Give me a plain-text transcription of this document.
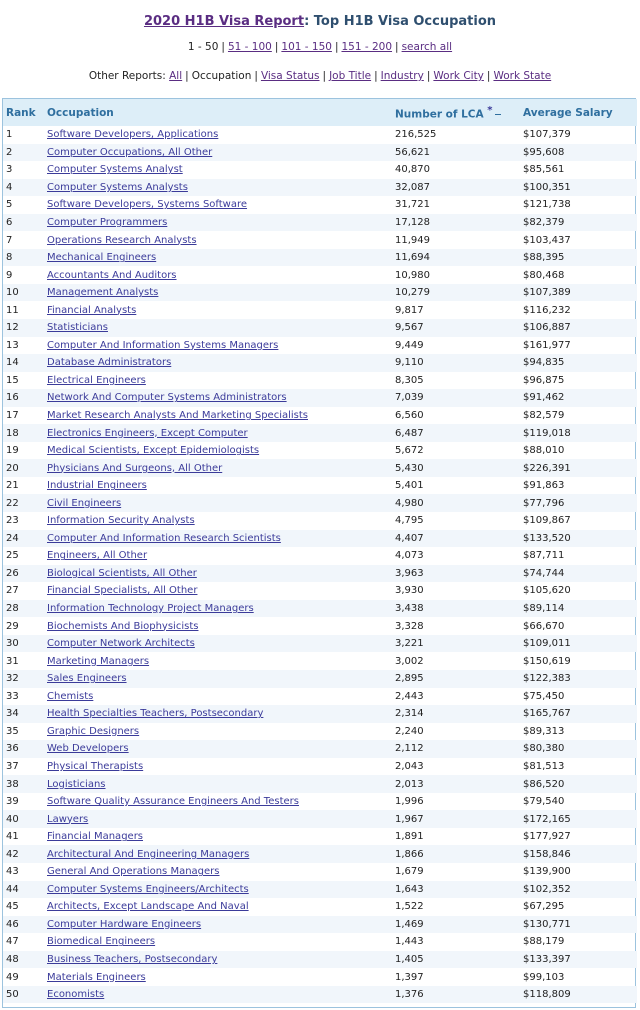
2020 H1B Visa Report: Top H1B Visa Occupation
1 - 50 | 51 - 100 | 101 - 150 | 151 - 200 | search all
Other Reports: All | Occupation | Visa Status | Job Title | Industry | Work City | Work State
Rank	Occupation	Number of LCA *	Average Salary
1	Software Developers, Applications	216,525	$107,379
2	Computer Occupations, All Other	56,621	$95,608
3	Computer Systems Analyst	40,870	$85,561
4	Computer Systems Analysts	32,087	$100,351
5	Software Developers, Systems Software	31,721	$121,738
6	Computer Programmers	17,128	$82,379
7	Operations Research Analysts	11,949	$103,437
8	Mechanical Engineers	11,694	$88,395
9	Accountants And Auditors	10,980	$80,468
10	Management Analysts	10,279	$107,389
11	Financial Analysts	9,817	$116,232
12	Statisticians	9,567	$106,887
13	Computer And Information Systems Managers	9,449	$161,977
14	Database Administrators	9,110	$94,835
15	Electrical Engineers	8,305	$96,875
16	Network And Computer Systems Administrators	7,039	$91,462
17	Market Research Analysts And Marketing Specialists	6,560	$82,579
18	Electronics Engineers, Except Computer	6,487	$119,018
19	Medical Scientists, Except Epidemiologists	5,672	$88,010
20	Physicians And Surgeons, All Other	5,430	$226,391
21	Industrial Engineers	5,401	$91,863
22	Civil Engineers	4,980	$77,796
23	Information Security Analysts	4,795	$109,867
24	Computer And Information Research Scientists	4,407	$133,520
25	Engineers, All Other	4,073	$87,711
26	Biological Scientists, All Other	3,963	$74,744
27	Financial Specialists, All Other	3,930	$105,620
28	Information Technology Project Managers	3,438	$89,114
29	Biochemists And Biophysicists	3,328	$66,670
30	Computer Network Architects	3,221	$109,011
31	Marketing Managers	3,002	$150,619
32	Sales Engineers	2,895	$122,383
33	Chemists	2,443	$75,450
34	Health Specialties Teachers, Postsecondary	2,314	$165,767
35	Graphic Designers	2,240	$89,313
36	Web Developers	2,112	$80,380
37	Physical Therapists	2,043	$81,513
38	Logisticians	2,013	$86,520
39	Software Quality Assurance Engineers And Testers	1,996	$79,540
40	Lawyers	1,967	$172,165
41	Financial Managers	1,891	$177,927
42	Architectural And Engineering Managers	1,866	$158,846
43	General And Operations Managers	1,679	$139,900
44	Computer Systems Engineers/Architects	1,643	$102,352
45	Architects, Except Landscape And Naval	1,522	$67,295
46	Computer Hardware Engineers	1,469	$130,771
47	Biomedical Engineers	1,443	$88,179
48	Business Teachers, Postsecondary	1,405	$133,397
49	Materials Engineers	1,397	$99,103
50	Economists	1,376	$118,809
